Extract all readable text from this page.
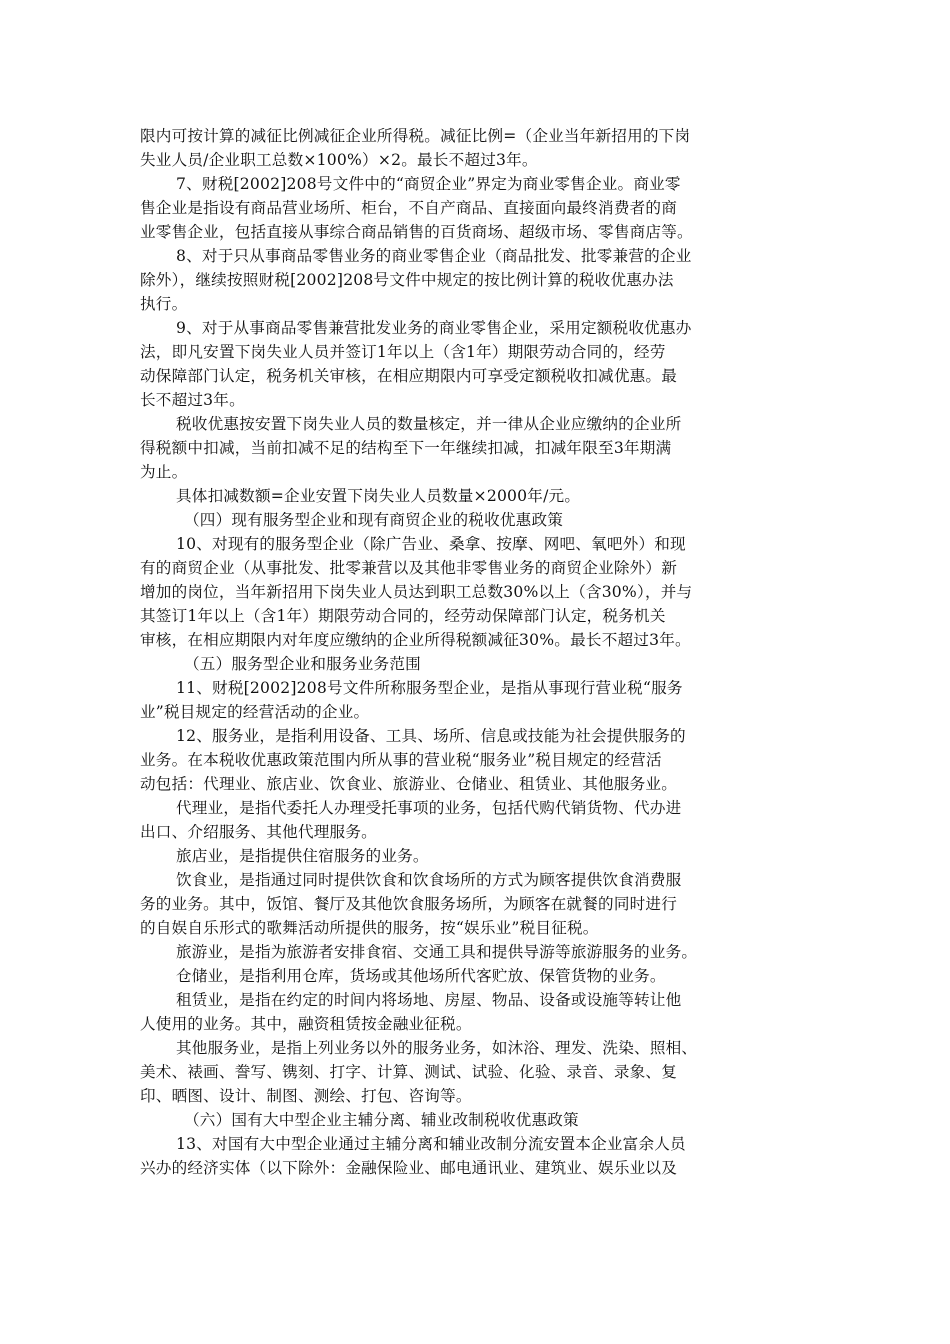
限内可按计算的减征比例减征企业所得税。减征比例=（企业当年新招用的下岗
失业人员/企业职工总数×100%）×2。最长不超过3年。
7、财税[2002]208号文件中的“商贸企业”界定为商业零售企业。商业零
售企业是指设有商品营业场所、柜台，不自产商品、直接面向最终消费者的商
业零售企业，包括直接从事综合商品销售的百货商场、超级市场、零售商店等。
8、对于只从事商品零售业务的商业零售企业（商品批发、批零兼营的企业
除外），继续按照财税[2002]208号文件中规定的按比例计算的税收优惠办法
执行。
9、对于从事商品零售兼营批发业务的商业零售企业，采用定额税收优惠办
法，即凡安置下岗失业人员并签订1年以上（含1年）期限劳动合同的，经劳
动保障部门认定，税务机关审核，在相应期限内可享受定额税收扣减优惠。最
长不超过3年。
税收优惠按安置下岗失业人员的数量核定，并一律从企业应缴纳的企业所
得税额中扣减，当前扣减不足的结构至下一年继续扣减，扣减年限至3年期满
为止。
具体扣减数额=企业安置下岗失业人员数量×2000年/元。
（四）现有服务型企业和现有商贸企业的税收优惠政策
10、对现有的服务型企业（除广告业、桑拿、按摩、网吧、氧吧外）和现
有的商贸企业（从事批发、批零兼营以及其他非零售业务的商贸企业除外）新
增加的岗位，当年新招用下岗失业人员达到职工总数30%以上（含30%），并与
其签订1年以上（含1年）期限劳动合同的，经劳动保障部门认定，税务机关
审核，在相应期限内对年度应缴纳的企业所得税额减征30%。最长不超过3年。
（五）服务型企业和服务业务范围
11、财税[2002]208号文件所称服务型企业，是指从事现行营业税“服务
业”税目规定的经营活动的企业。
12、服务业，是指利用设备、工具、场所、信息或技能为社会提供服务的
业务。在本税收优惠政策范围内所从事的营业税“服务业”税目规定的经营活
动包括：代理业、旅店业、饮食业、旅游业、仓储业、租赁业、其他服务业。
代理业，是指代委托人办理受托事项的业务，包括代购代销货物、代办进
出口、介绍服务、其他代理服务。
旅店业，是指提供住宿服务的业务。
饮食业，是指通过同时提供饮食和饮食场所的方式为顾客提供饮食消费服
务的业务。其中，饭馆、餐厅及其他饮食服务场所，为顾客在就餐的同时进行
的自娱自乐形式的歌舞活动所提供的服务，按“娱乐业”税目征税。
旅游业，是指为旅游者安排食宿、交通工具和提供导游等旅游服务的业务。
仓储业，是指利用仓库，货场或其他场所代客贮放、保管货物的业务。
租赁业，是指在约定的时间内将场地、房屋、物品、设备或设施等转让他
人使用的业务。其中，融资租赁按金融业征税。
其他服务业，是指上列业务以外的服务业务，如沐浴、理发、洗染、照相、
美术、裱画、誊写、镌刻、打字、计算、测试、试验、化验、录音、录象、复
印、晒图、设计、制图、测绘、打包、咨询等。
（六）国有大中型企业主辅分离、辅业改制税收优惠政策
13、对国有大中型企业通过主辅分离和辅业改制分流安置本企业富余人员
兴办的经济实体（以下除外：金融保险业、邮电通讯业、建筑业、娱乐业以及
